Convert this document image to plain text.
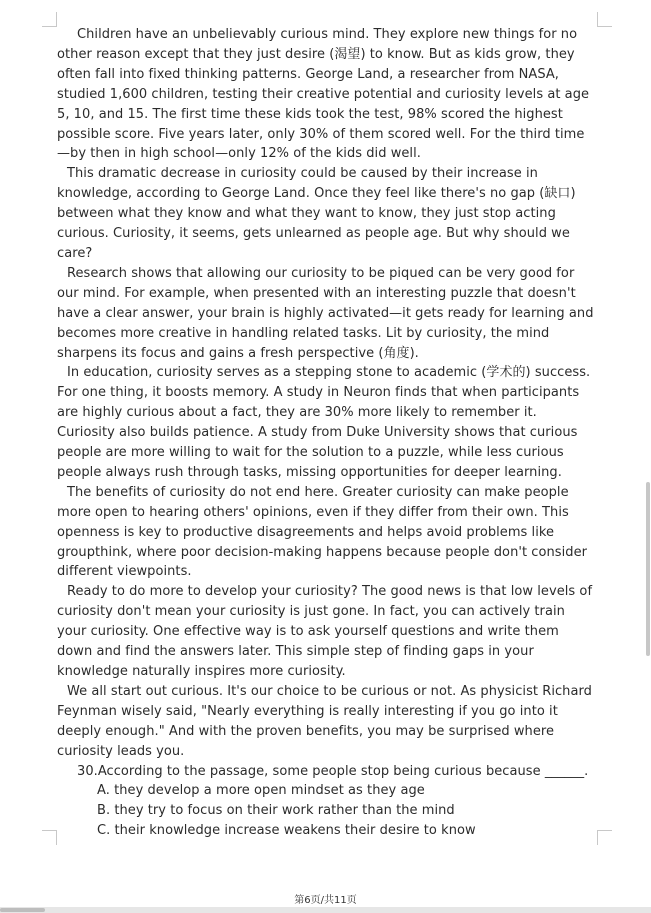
Children have an unbelievably curious mind. They explore new things for no other reason except that they just desire (渴望) to know. But as kids grow, they often fall into fixed thinking patterns. George Land, a researcher from NASA, studied 1,600 children, testing their creative potential and curiosity levels at age 5, 10, and 15. The first time these kids took the test, 98% scored the highest possible score. Five years later, only 30% of them scored well. For the third time—by then in high school—only 12% of the kids did well.

This dramatic decrease in curiosity could be caused by their increase in knowledge, according to George Land. Once they feel like there's no gap (缺口) between what they know and what they want to know, they just stop acting curious. Curiosity, it seems, gets unlearned as people age. But why should we care?

Research shows that allowing our curiosity to be piqued can be very good for our mind. For example, when presented with an interesting puzzle that doesn't have a clear answer, your brain is highly activated—it gets ready for learning and becomes more creative in handling related tasks. Lit by curiosity, the mind sharpens its focus and gains a fresh perspective (角度).

In education, curiosity serves as a stepping stone to academic (学术的) success. For one thing, it boosts memory. A study in Neuron finds that when participants are highly curious about a fact, they are 30% more likely to remember it. Curiosity also builds patience. A study from Duke University shows that curious people are more willing to wait for the solution to a puzzle, while less curious people always rush through tasks, missing opportunities for deeper learning.

The benefits of curiosity do not end here. Greater curiosity can make people more open to hearing others' opinions, even if they differ from their own. This openness is key to productive disagreements and helps avoid problems like groupthink, where poor decision-making happens because people don't consider different viewpoints.

Ready to do more to develop your curiosity? The good news is that low levels of curiosity don't mean your curiosity is just gone. In fact, you can actively train your curiosity. One effective way is to ask yourself questions and write them down and find the answers later. This simple step of finding gaps in your knowledge naturally inspires more curiosity.

We all start out curious. It's our choice to be curious or not. As physicist Richard Feynman wisely said, "Nearly everything is really interesting if you go into it deeply enough." And with the proven benefits, you may be surprised where curiosity leads you.

30.According to the passage, some people stop being curious because ______.

A. they develop a more open mindset as they age

B. they try to focus on their work rather than the mind

C. their knowledge increase weakens their desire to know

第6页/共11页
